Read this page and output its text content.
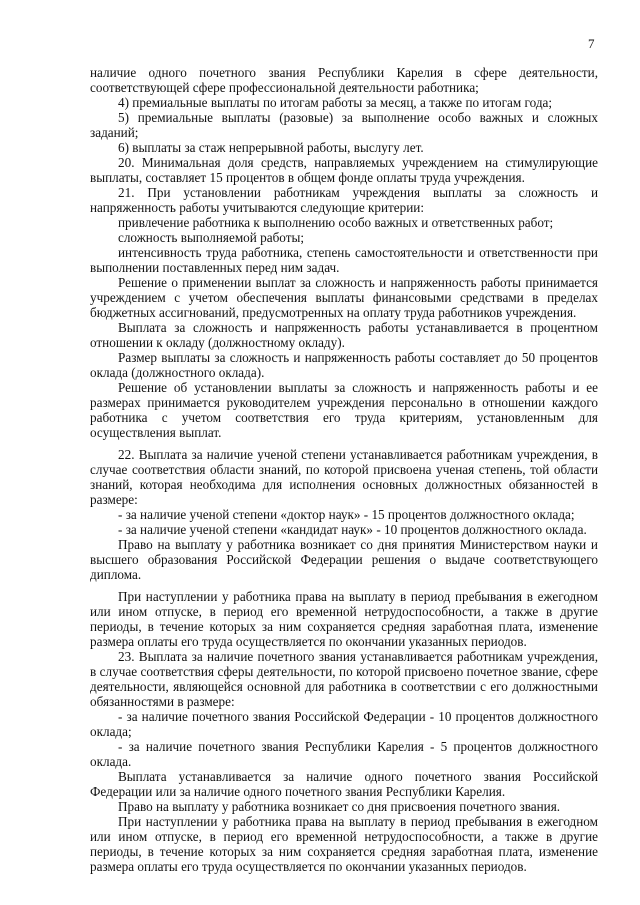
7

наличие одного почетного звания Республики Карелия в сфере деятельности, соответствующей сфере профессиональной деятельности работника;

4) премиальные выплаты по итогам работы за месяц, а также по итогам года;

5) премиальные выплаты (разовые) за выполнение особо важных и сложных заданий;

6) выплаты за стаж непрерывной работы, выслугу лет.

20. Минимальная доля средств, направляемых учреждением на стимулирующие выплаты, составляет 15 процентов в общем фонде оплаты труда учреждения.

21. При установлении работникам учреждения выплаты за сложность и напряженность работы учитываются следующие критерии:

привлечение работника к выполнению особо важных и ответственных работ;

сложность выполняемой работы;

интенсивность труда работника, степень самостоятельности и ответственности при выполнении поставленных перед ним задач.

Решение о применении выплат за сложность и напряженность работы принимается учреждением с учетом обеспечения выплаты финансовыми средствами в пределах бюджетных ассигнований, предусмотренных на оплату труда работников учреждения.

Выплата за сложность и напряженность работы устанавливается в процентном отношении к окладу (должностному окладу).

Размер выплаты за сложность и напряженность работы составляет до 50 процентов оклада (должностного оклада).

Решение об установлении выплаты за сложность и напряженность работы и ее размерах принимается руководителем учреждения персонально в отношении каждого работника с учетом соответствия его труда критериям, установленным для осуществления выплат.

22. Выплата за наличие ученой степени устанавливается работникам учреждения, в случае соответствия области знаний, по которой присвоена ученая степень, той области знаний, которая необходима для исполнения основных должностных обязанностей в размере:

- за наличие ученой степени «доктор наук» - 15 процентов должностного оклада;

- за наличие ученой степени «кандидат наук» - 10 процентов должностного оклада.

Право на выплату у работника возникает со дня принятия Министерством науки и высшего образования Российской Федерации решения о выдаче соответствующего диплома.

При наступлении у работника права на выплату в период пребывания в ежегодном или ином отпуске, в период его временной нетрудоспособности, а также в другие периоды, в течение которых за ним сохраняется средняя заработная плата, изменение размера оплаты его труда осуществляется по окончании указанных периодов.

23. Выплата за наличие почетного звания устанавливается работникам учреждения, в случае соответствия сферы деятельности, по которой присвоено почетное звание, сфере деятельности, являющейся основной для работника в соответствии с его должностными обязанностями в размере:

- за наличие почетного звания Российской Федерации - 10 процентов должностного оклада;

- за наличие почетного звания Республики Карелия - 5 процентов должностного оклада.

Выплата устанавливается за наличие одного почетного звания Российской Федерации или за наличие одного почетного звания Республики Карелия.

Право на выплату у работника возникает со дня присвоения почетного звания.

При наступлении у работника права на выплату в период пребывания в ежегодном или ином отпуске, в период его временной нетрудоспособности, а также в другие периоды, в течение которых за ним сохраняется средняя заработная плата, изменение размера оплаты его труда осуществляется по окончании указанных периодов.
